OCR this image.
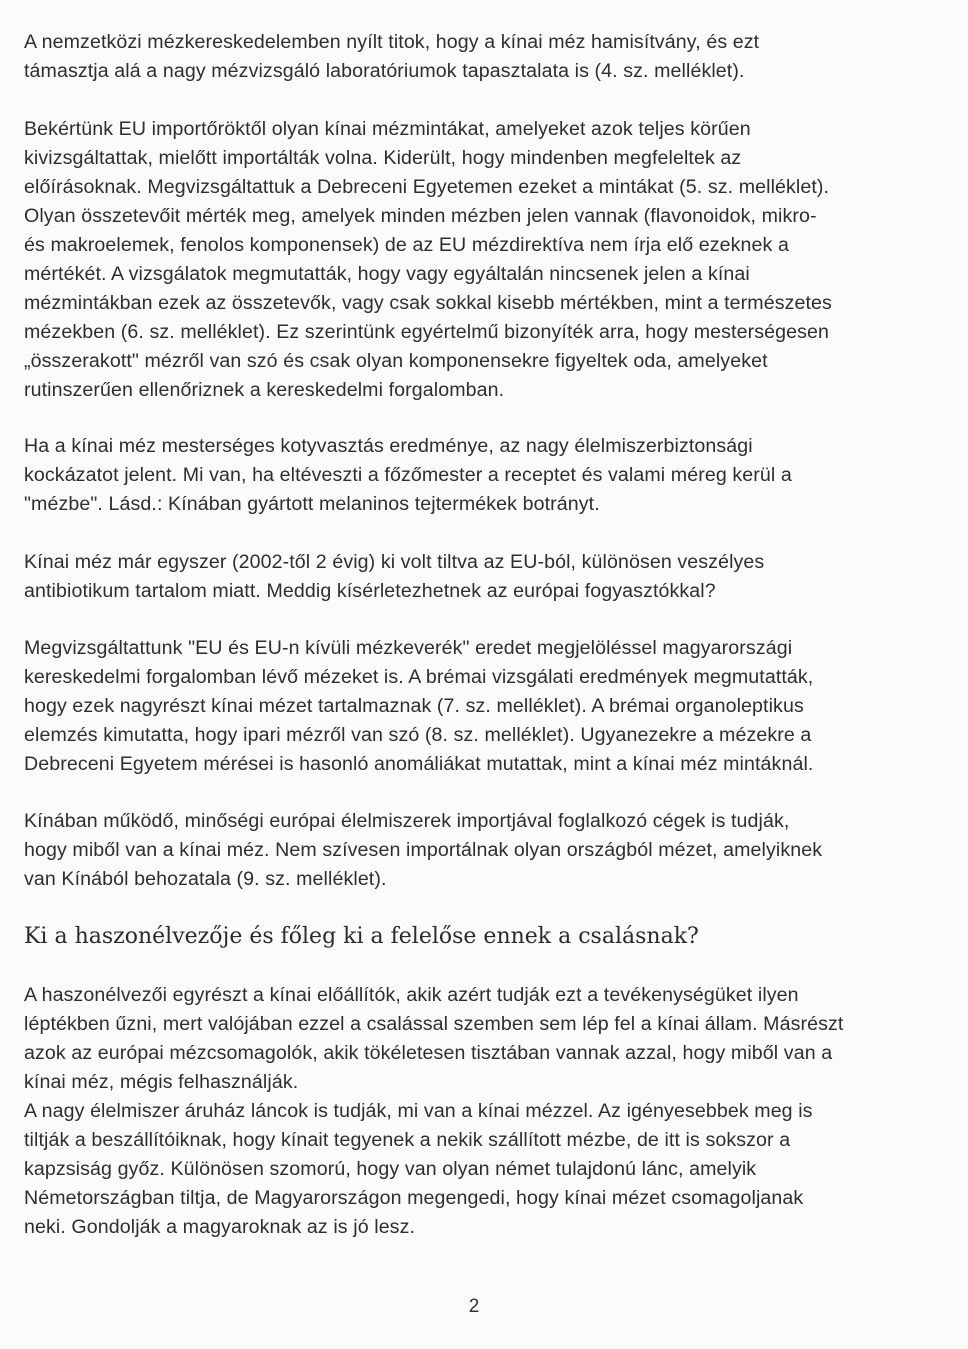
A nemzetközi mézkereskedelemben nyílt titok, hogy a kínai méz hamisítvány, és ezt
támasztja alá a nagy mézvizsgáló laboratóriumok tapasztalata is (4. sz. melléklet).

Bekértünk EU importőröktől olyan kínai mézmintákat, amelyeket azok teljes körűen
kivizsgáltattak, mielőtt importálták volna. Kiderült, hogy mindenben megfeleltek az
előírásoknak. Megvizsgáltattuk a Debreceni Egyetemen ezeket a mintákat (5. sz. melléklet).
Olyan összetevőit mérték meg, amelyek minden mézben jelen vannak (flavonoidok, mikro-
és makroelemek, fenolos komponensek) de az EU mézdirektíva nem írja elő ezeknek a
mértékét. A vizsgálatok megmutatták, hogy vagy egyáltalán nincsenek jelen a kínai
mézmintákban ezek az összetevők, vagy csak sokkal kisebb mértékben, mint a természetes
mézekben (6. sz. melléklet). Ez szerintünk egyértelmű bizonyíték arra, hogy mesterségesen
„összerakott" mézről van szó és csak olyan komponensekre figyeltek oda, amelyeket
rutinszerűen ellenőriznek a kereskedelmi forgalomban.

Ha a kínai méz mesterséges kotyvasztás eredménye, az nagy élelmiszerbiztonsági
kockázatot jelent. Mi van, ha eltéveszti a főzőmester a receptet és valami méreg kerül a
"mézbe". Lásd.: Kínában gyártott melaninos tejtermékek botrányt.

Kínai méz már egyszer (2002-től 2 évig) ki volt tiltva az EU-ból, különösen veszélyes
antibiotikum tartalom miatt. Meddig kísérletezhetnek az európai fogyasztókkal?

Megvizsgáltattunk "EU és EU-n kívüli mézkeverék" eredet megjelöléssel magyarországi
kereskedelmi forgalomban lévő mézeket is. A brémai vizsgálati eredmények megmutatták,
hogy ezek nagyrészt kínai mézet tartalmaznak (7. sz. melléklet). A brémai organoleptikus
elemzés kimutatta, hogy ipari mézről van szó (8. sz. melléklet). Ugyanezekre a mézekre a
Debreceni Egyetem mérései is hasonló anomáliákat mutattak, mint a kínai méz mintáknál.

Kínában működő, minőségi európai élelmiszerek importjával foglalkozó cégek is tudják,
hogy miből van a kínai méz. Nem szívesen importálnak olyan országból mézet, amelyiknek
van Kínából behozatala (9. sz. melléklet).

Ki a haszonélvezője és főleg ki a felelőse ennek a csalásnak?

A haszonélvezői egyrészt a kínai előállítók, akik azért tudják ezt a tevékenységüket ilyen
léptékben űzni, mert valójában ezzel a csalással szemben sem lép fel a kínai állam. Másrészt
azok az európai mézcsomagolók, akik tökéletesen tisztában vannak azzal, hogy miből van a
kínai méz, mégis felhasználják.
A nagy élelmiszer áruház láncok is tudják, mi van a kínai mézzel. Az igényesebbek meg is
tiltják a beszállítóiknak, hogy kínait tegyenek a nekik szállított mézbe, de itt is sokszor a
kapzsiság győz. Különösen szomorú, hogy van olyan német tulajdonú lánc, amelyik
Németországban tiltja, de Magyarországon megengedi, hogy kínai mézet csomagoljanak
neki. Gondolják a magyaroknak az is jó lesz.

2
